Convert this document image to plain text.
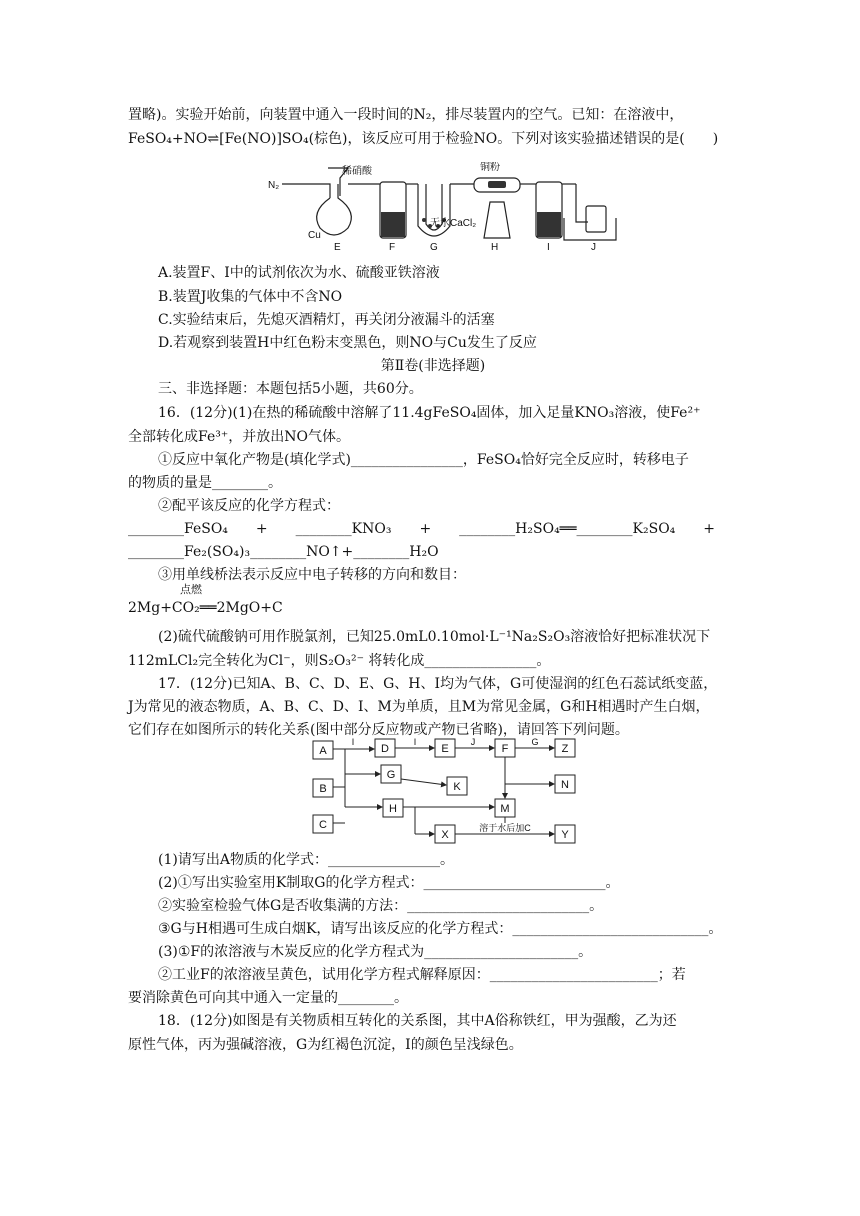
置略)。实验开始前，向装置中通入一段时间的N₂，排尽装置内的空气。已知：在溶液中，
FeSO₄+NO⇌[Fe(NO)]SO₄(棕色)，该反应可用于检验NO。下列对该实验描述错误的是(　　)
N₂
稀硝酸	铜粉
Cu
无水CaCl₂
E	F	G	H	I	J
A.装置F、I中的试剂依次为水、硫酸亚铁溶液
B.装置J收集的气体中不含NO
C.实验结束后，先熄灭酒精灯，再关闭分液漏斗的活塞
D.若观察到装置H中红色粉末变黑色，则NO与Cu发生了反应
第Ⅱ卷(非选择题)
三、非选择题：本题包括5小题，共60分。
16．(12分)(1)在热的稀硫酸中溶解了11.4gFeSO₄固体，加入足量KNO₃溶液，使Fe²⁺
全部转化成Fe³⁺，并放出NO气体。
①反应中氧化产物是(填化学式)________________，FeSO₄恰好完全反应时，转移电子
的物质的量是________。
②配平该反应的化学方程式：
________FeSO₄　　+　　________KNO₃　　+　　________H₂SO₄══________K₂SO₄　　+
________Fe₂(SO₄)₃________NO↑+________H₂O
③用单线桥法表示反应中电子转移的方向和数目：
点燃
2Mg+CO₂══2MgO+C
(2)硫代硫酸钠可用作脱氯剂，已知25.0mL0.10mol·L⁻¹Na₂S₂O₃溶液恰好把标准状况下
112mLCl₂完全转化为Cl⁻，则S₂O₃²⁻ 将转化成________________。
17．(12分)已知A、B、C、D、E、G、H、I均为气体，G可使湿润的红色石蕊试纸变蓝，
J为常见的液态物质，A、B、C、D、I、M为单质，且M为常见金属，G和H相遇时产生白烟，
它们存在如图所示的转化关系(图中部分反应物或产物已省略)，请回答下列问题。
A
B
C
D	E	F	Z
G
K	N
H	M
X	Y
I	I	J	G
溶于水后加C
(1)请写出A物质的化学式：________________。
(2)①写出实验室用K制取G的化学方程式：__________________________。
②实验室检验气体G是否收集满的方法：__________________________。
③G与H相遇可生成白烟K，请写出该反应的化学方程式：____________________________。
(3)①F的浓溶液与木炭反应的化学方程式为______________________。
②工业F的浓溶液呈黄色，试用化学方程式解释原因：________________________；若
要消除黄色可向其中通入一定量的________。
18．(12分)如图是有关物质相互转化的关系图，其中A俗称铁红，甲为强酸，乙为还
原性气体，丙为强碱溶液，G为红褐色沉淀，I的颜色呈浅绿色。
